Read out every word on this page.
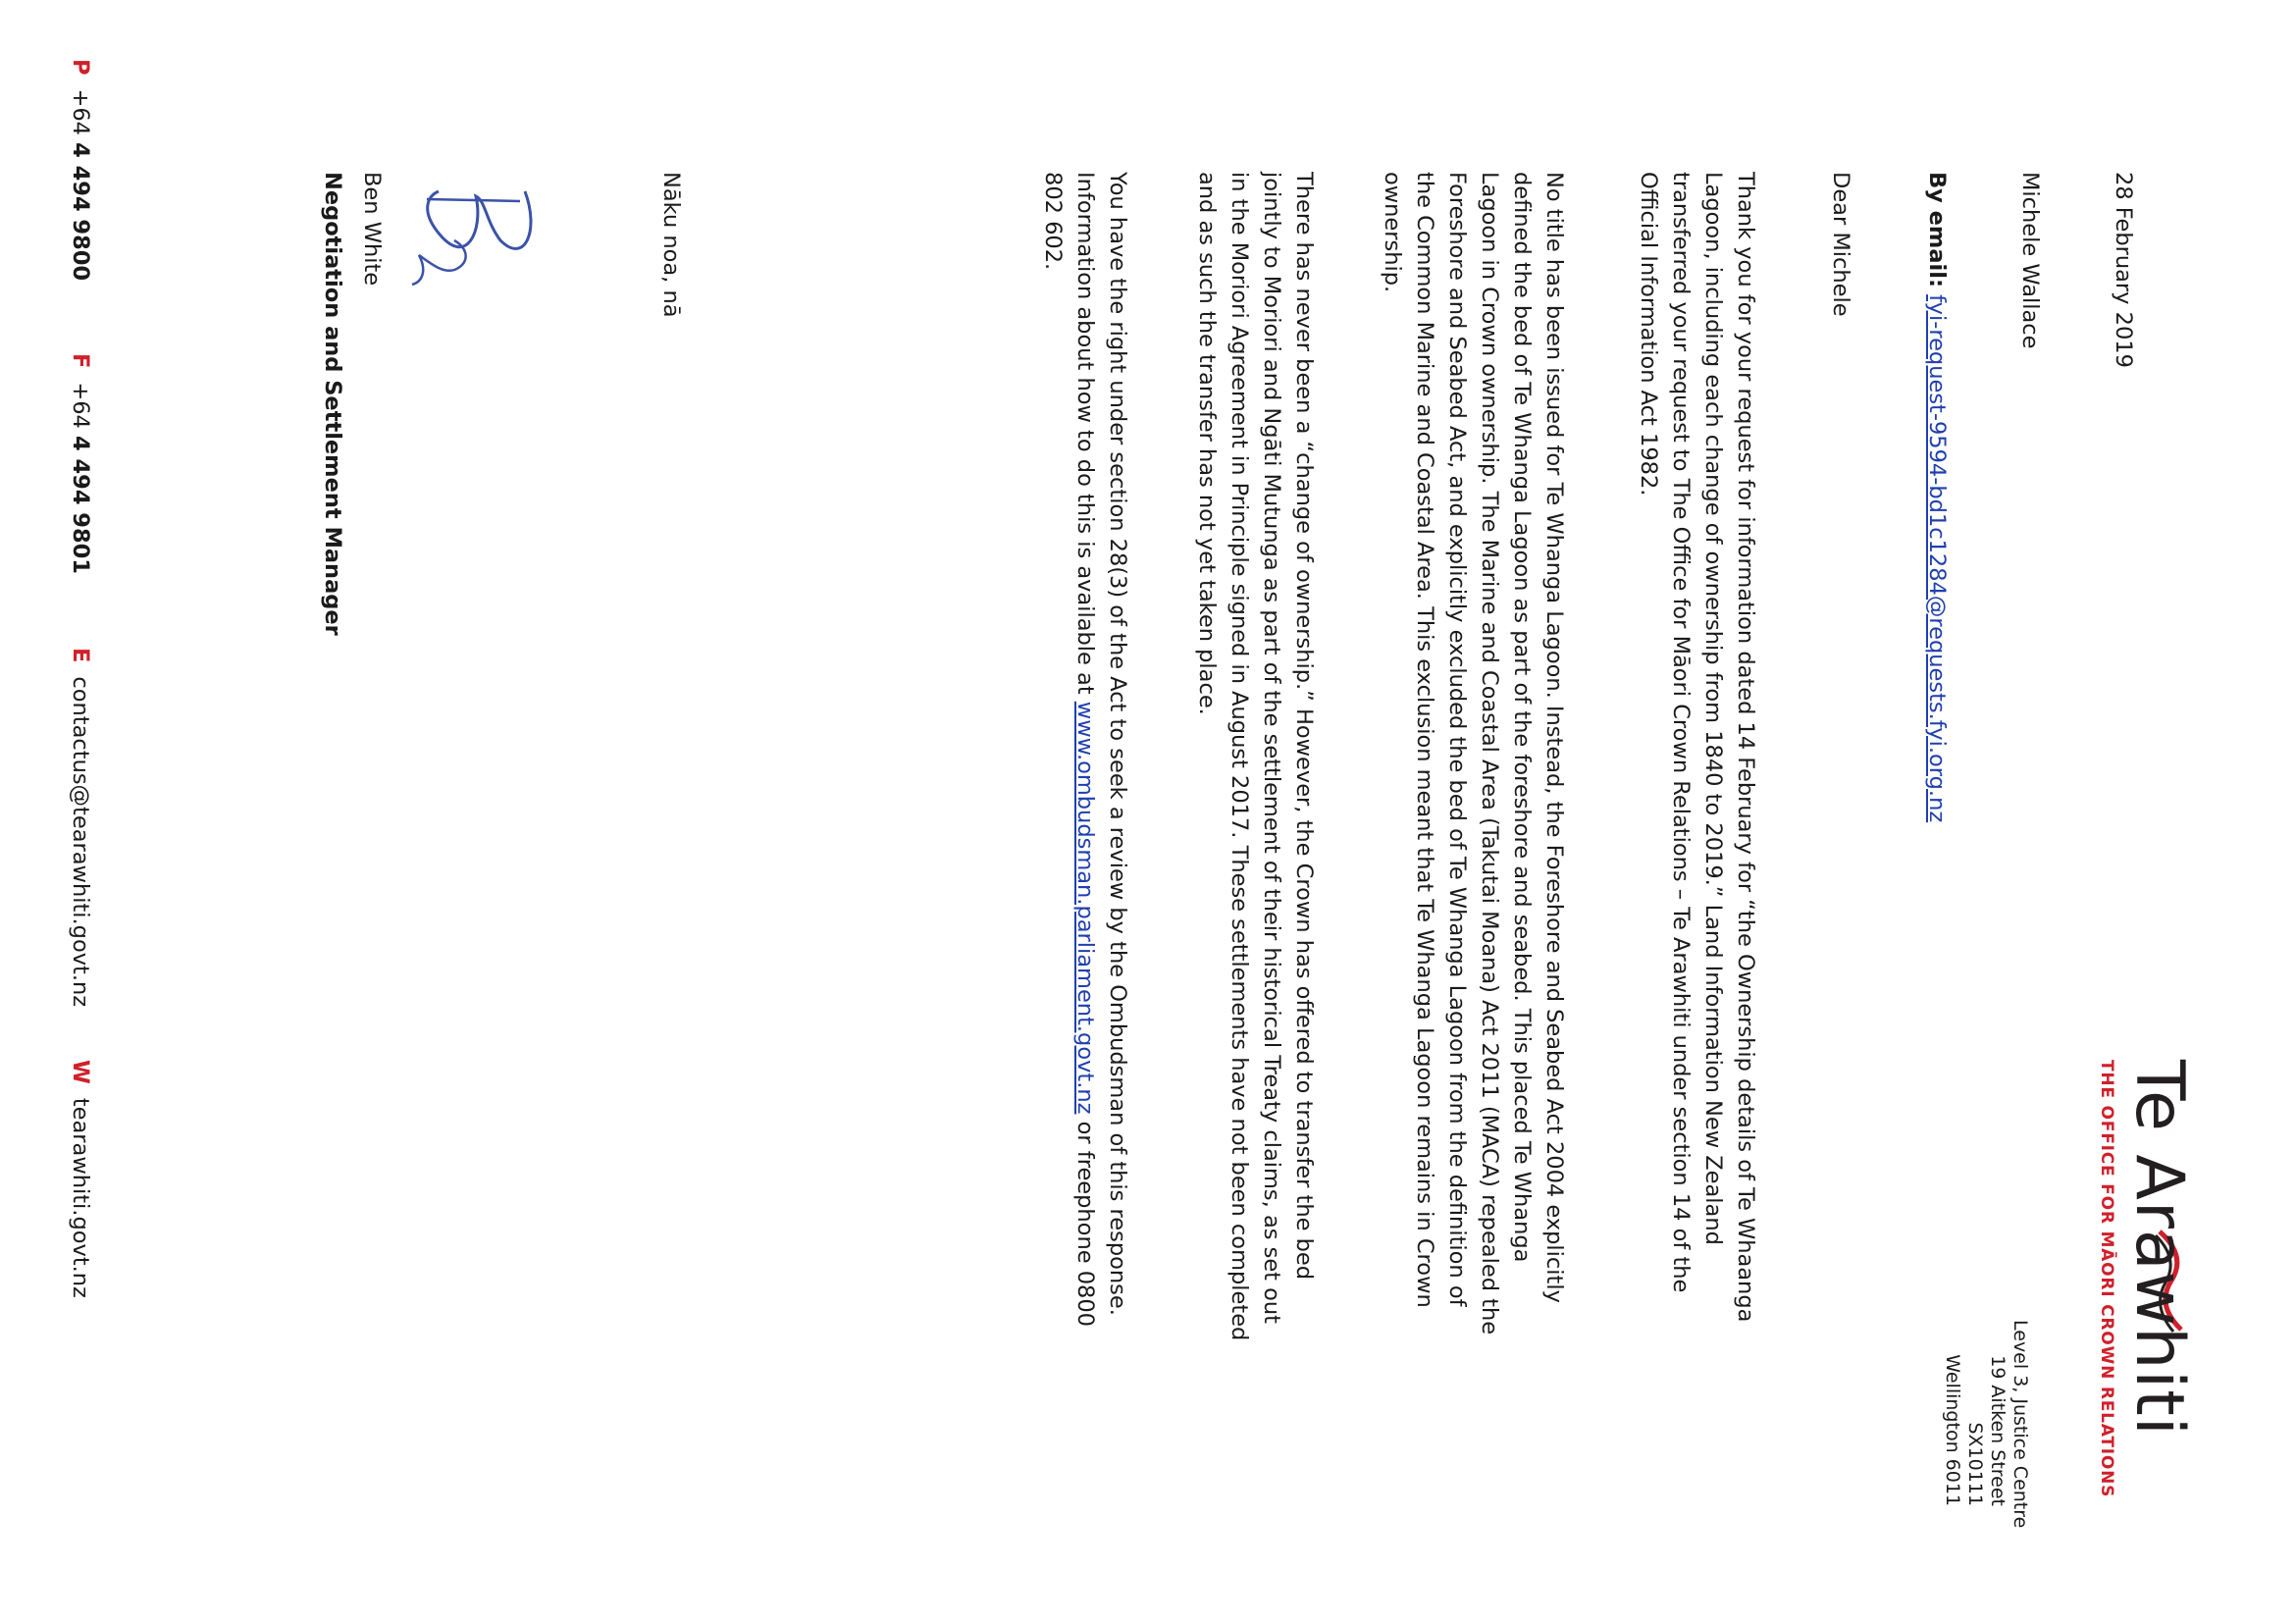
Te Arawhiti
THE OFFICE FOR MĀORI CROWN RELATIONS
Level 3, Justice Centre
19 Aitken Street
SX10111
Wellington 6011
28 February 2019
Michele Wallace
By email: fyi-request-9594-bd1c1284@requests.fyi.org.nz
Dear Michele
Thank you for your request for information dated 14 February for “the Ownership details of Te Whaanga
Lagoon, including each change of ownership from 1840 to 2019.” Land Information New Zealand
transferred your request to The Office for Māori Crown Relations – Te Arawhiti under section 14 of the
Official Information Act 1982.
No title has been issued for Te Whanga Lagoon. Instead, the Foreshore and Seabed Act 2004 explicitly
defined the bed of Te Whanga Lagoon as part of the foreshore and seabed. This placed Te Whanga
Lagoon in Crown ownership. The Marine and Coastal Area (Takutai Moana) Act 2011 (MACA) repealed the
Foreshore and Seabed Act, and explicitly excluded the bed of Te Whanga Lagoon from the definition of
the Common Marine and Coastal Area. This exclusion meant that Te Whanga Lagoon remains in Crown
ownership.
There has never been a “change of ownership.” However, the Crown has offered to transfer the bed
jointly to Moriori and Ngāti Mutunga as part of the settlement of their historical Treaty claims, as set out
in the Moriori Agreement in Principle signed in August 2017. These settlements have not been completed
and as such the transfer has not yet taken place.
You have the right under section 28(3) of the Act to seek a review by the Ombudsman of this response.
Information about how to do this is available at www.ombudsman.parliament.govt.nz or freephone 0800
802 602.
Nāku noa, nā
Ben White
Negotiation and Settlement Manager
P+64 4 494 9800
F+64 4 494 9801
Econtactus@tearawhiti.govt.nz
Wtearawhiti.govt.nz
